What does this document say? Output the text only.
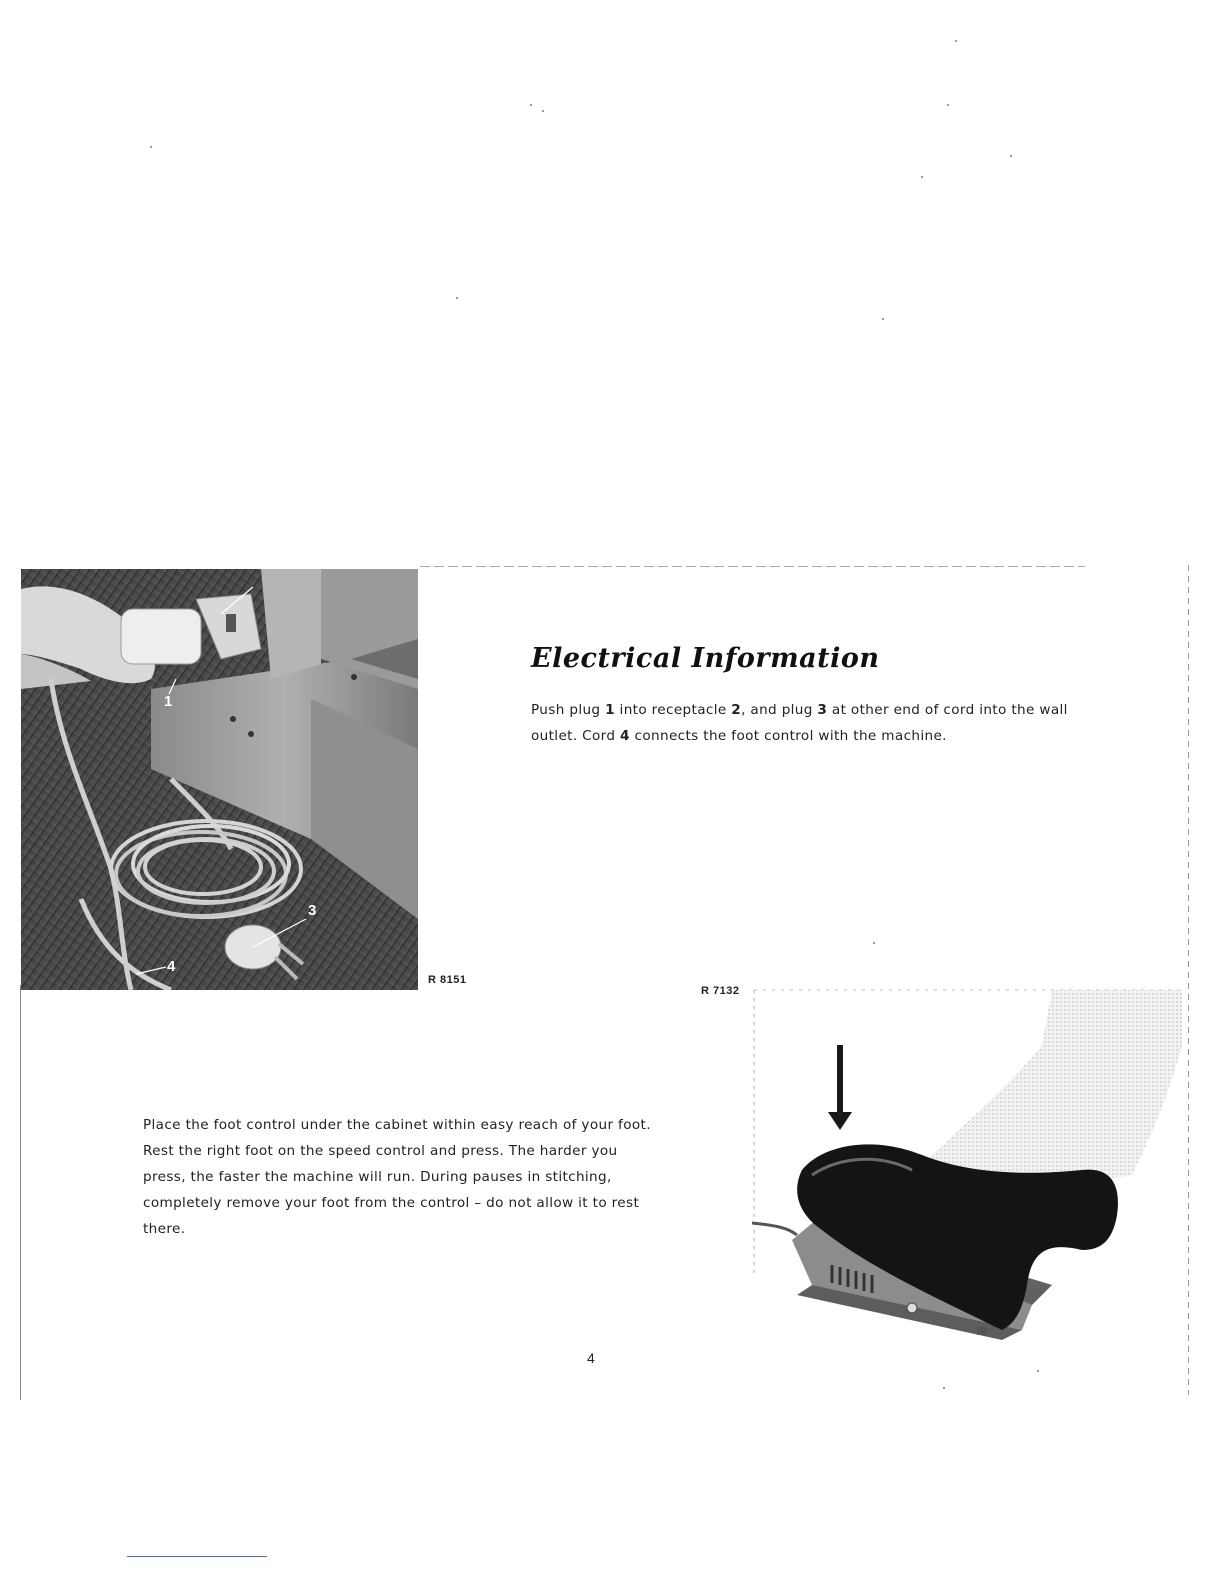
1
3
4
R 8151
Electrical Information
Push plug 1 into receptacle 2, and plug 3 at other end of cord into the wall outlet. Cord 4 connects the foot control with the machine.
R 7132
Place the foot control under the cabinet within easy reach of your foot. Rest the right foot on the speed control and press. The harder you press, the faster the machine will run. During pauses in stitching, completely remove your foot from the control – do not allow it to rest there.
4
